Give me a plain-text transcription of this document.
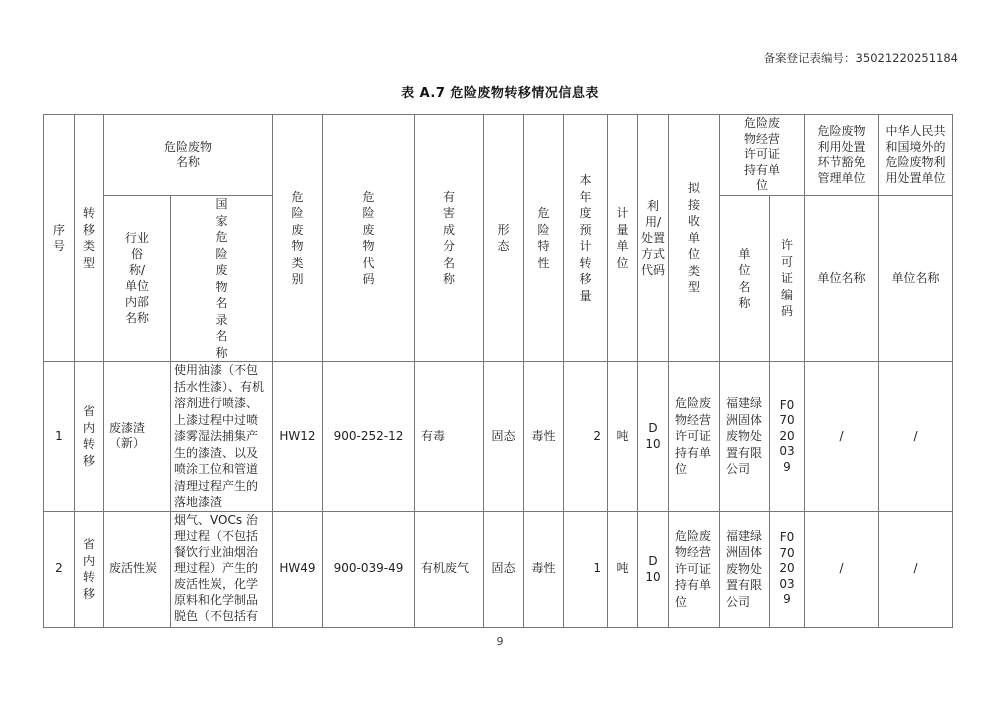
备案登记表编号：35021220251184
表 A.7 危险废物转移情况信息表
序号	转移类型	危险废物名称		危险废物类别	危险废物代码	有害成分名称	形态	危险特性	本年度预计转移量	计量单位	利用/处置方式代码	拟接收单位类型	危险废物经营许可证持有单位		危险废物利用处置环节豁免管理单位	中华人民共和国境外的危险废物利用处置单位
		行业俗称/单位内部名称	国家危险废物名录名称										单位名称	许可证编码	单位名称	单位名称
1	省内转移	废漆渣（新）	使用油漆（不包括水性漆）、有机溶剂进行喷漆、上漆过程中过喷漆雾湿法捕集产生的漆渣、以及喷涂工位和管道清理过程产生的落地漆渣	HW12	900-252-12	有毒	固态	毒性	2	吨	D10	危险废物经营许可证持有单位	福建绿洲固体废物处置有限公司	F07020039	/	/
2	省内转移	废活性炭	烟气、VOCs 治理过程（不包括餐饮行业油烟治理过程）产生的废活性炭，化学原料和化学制品脱色（不包括有	HW49	900-039-49	有机废气	固态	毒性	1	吨	D10	危险废物经营许可证持有单位	福建绿洲固体废物处置有限公司	F07020039	/	/
9
